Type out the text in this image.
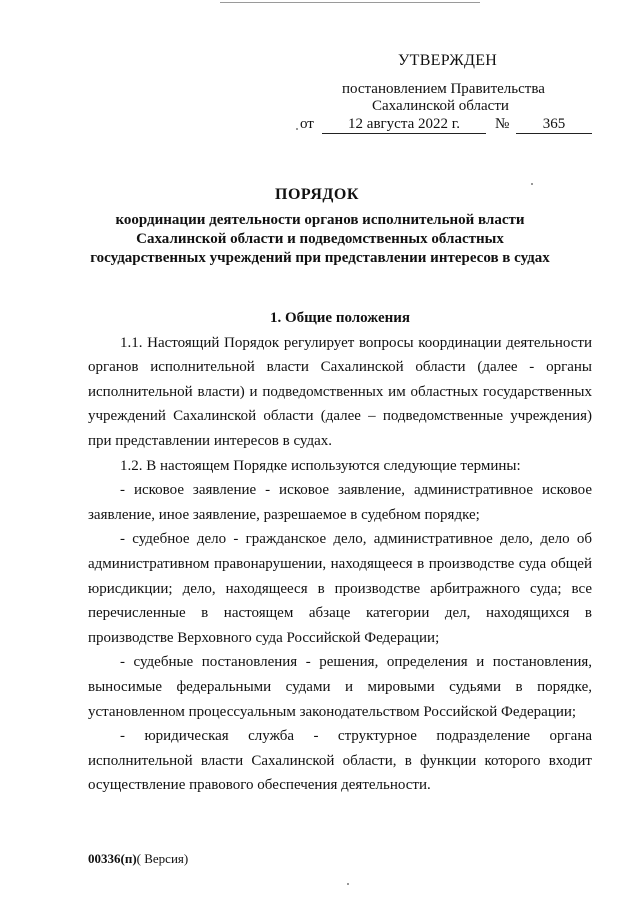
УТВЕРЖДЕН
постановлением Правительства
Сахалинской области
от	12 августа 2022 г.	№	365
ПОРЯДОК
координации деятельности органов исполнительной власти Сахалинской области и подведомственных областных государственных учреждений при представлении интересов в судах

1. Общие положения

1.1. Настоящий Порядок регулирует вопросы координации деятельности органов исполнительной власти Сахалинской области (далее - органы исполнительной власти) и подведомственных им областных государственных учреждений Сахалинской области (далее – подведомственные учреждения) при представлении интересов в судах.

1.2. В настоящем Порядке используются следующие термины:

- исковое заявление - исковое заявление, административное исковое заявление, иное заявление, разрешаемое в судебном порядке;

- судебное дело - гражданское дело, административное дело, дело об административном правонарушении, находящееся в производстве суда общей юрисдикции; дело, находящееся в производстве арбитражного суда; все перечисленные в настоящем абзаце категории дел, находящихся в производстве Верховного суда Российской Федерации;

- судебные постановления - решения, определения и постановления, выносимые федеральными судами и мировыми судьями в порядке, установленном процессуальным законодательством Российской Федерации;

- юридическая служба - структурное подразделение органа исполнительной власти Сахалинской области, в функции которого входит осуществление правового обеспечения деятельности.

00336(п)( Версия)
